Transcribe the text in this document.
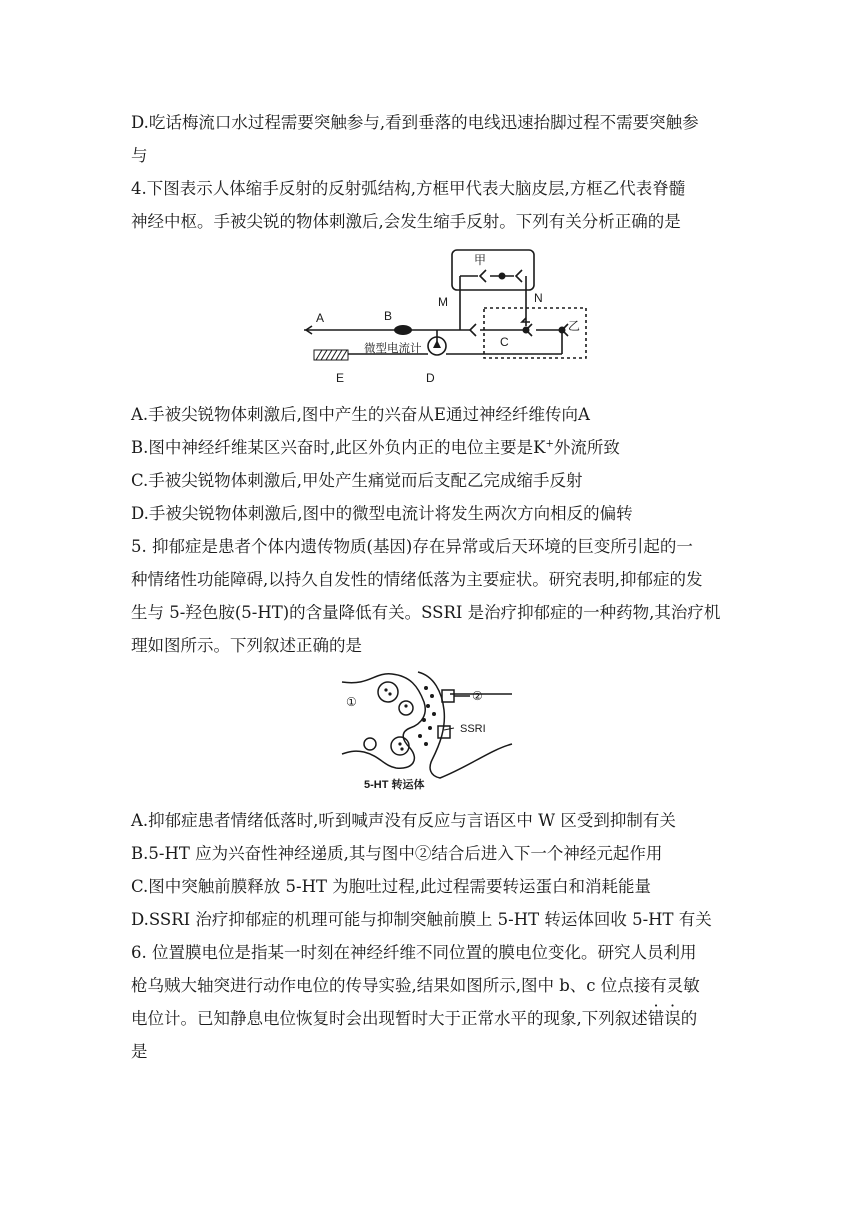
D.吃话梅流口水过程需要突触参与,看到垂落的电线迅速抬脚过程不需要突触参
与
4.下图表示人体缩手反射的反射弧结构,方框甲代表大脑皮层,方框乙代表脊髓
神经中枢。手被尖锐的物体刺激后,会发生缩手反射。下列有关分析正确的是
A	B
C
D
E
M	N
甲
乙
微型电流计
A.手被尖锐物体刺激后,图中产生的兴奋从E通过神经纤维传向A
B.图中神经纤维某区兴奋时,此区外负内正的电位主要是K+外流所致
C.手被尖锐物体刺激后,甲处产生痛觉而后支配乙完成缩手反射
D.手被尖锐物体刺激后,图中的微型电流计将发生两次方向相反的偏转
5. 抑郁症是患者个体内遗传物质(基因)存在异常或后天环境的巨变所引起的一
种情绪性功能障碍,以持久自发性的情绪低落为主要症状。研究表明,抑郁症的发
生与 5-羟色胺(5-HT)的含量降低有关。SSRI 是治疗抑郁症的一种药物,其治疗机
理如图所示。下列叙述正确的是
①	②
SSRI
5-HT 转运体
A.抑郁症患者情绪低落时,听到喊声没有反应与言语区中 W 区受到抑制有关
B.5-HT 应为兴奋性神经递质,其与图中②结合后进入下一个神经元起作用
C.图中突触前膜释放 5-HT 为胞吐过程,此过程需要转运蛋白和消耗能量
D.SSRI 治疗抑郁症的机理可能与抑制突触前膜上 5-HT 转运体回收 5-HT 有关
6. 位置膜电位是指某一时刻在神经纤维不同位置的膜电位变化。研究人员利用
枪乌贼大轴突进行动作电位的传导实验,结果如图所示,图中 b、c 位点接有灵敏
电位计。已知静息电位恢复时会出现暂时大于正常水平的现象,下列叙述错误的
是
